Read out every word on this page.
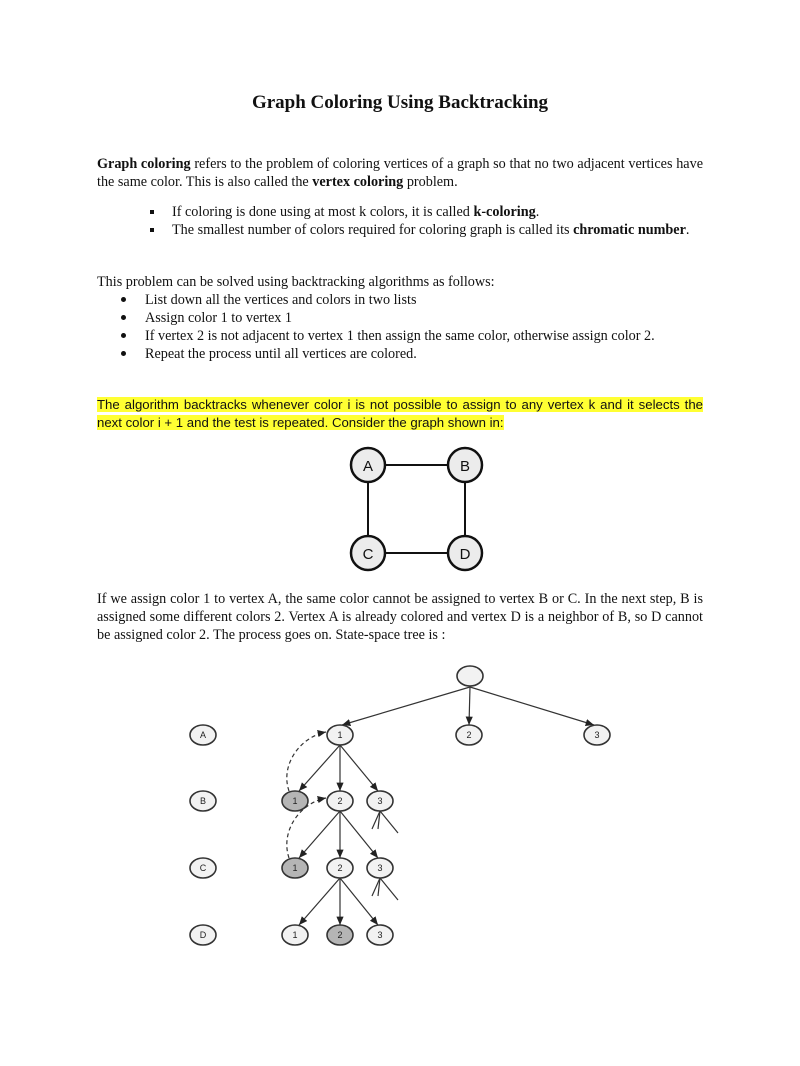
Graph Coloring Using Backtracking

Graph coloring refers to the problem of coloring vertices of a graph so that no two adjacent vertices have the same color. This is also called the vertex coloring problem.

If coloring is done using at most k colors, it is called k-coloring.
The smallest number of colors required for coloring graph is called its chromatic number.

This problem can be solved using backtracking algorithms as follows:

List down all the vertices and colors in two lists
Assign color 1 to vertex 1
If vertex 2 is not adjacent to vertex 1 then assign the same color, otherwise assign color 2.
Repeat the process until all vertices are colored.

The algorithm backtracks whenever color i is not possible to assign to any vertex k and it selects the next color i + 1 and the test is repeated. Consider the graph shown in:

A	B
C	D

If we assign color 1 to vertex A, the same color cannot be assigned to vertex B or C. In the next step, B is assigned some different colors 2. Vertex A is already colored and vertex D is a neighbor of B, so D cannot be assigned color 2. The process goes on. State-space tree is :

A
B
C
D
1	2	3
1	2	3
1	2	3
1	2	3
